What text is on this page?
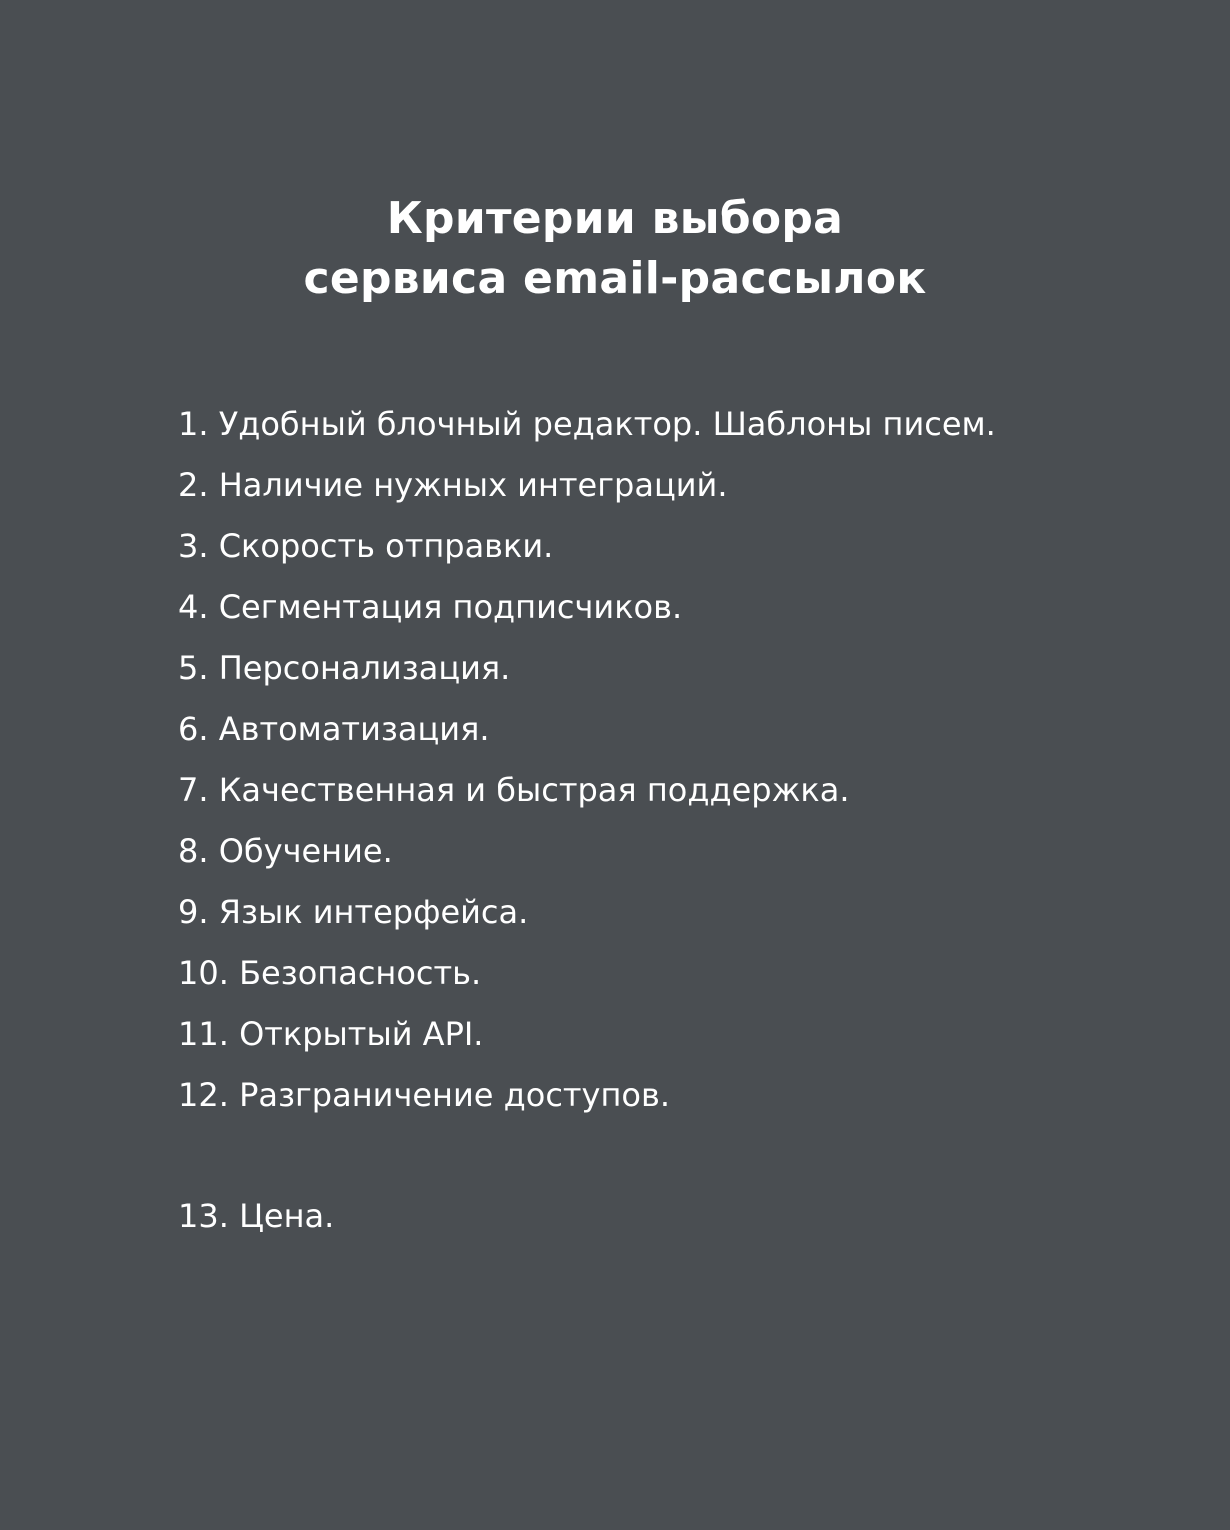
Критерии выбора
сервиса email-рассылок
1. Удобный блочный редактор. Шаблоны писем.
2. Наличие нужных интеграций.
3. Скорость отправки.
4. Сегментация подписчиков.
5. Персонализация.
6. Автоматизация.
7. Качественная и быстрая поддержка.
8. Обучение.
9. Язык интерфейса.
10. Безопасность.
11. Открытый API.
12. Разграничение доступов.
13. Цена.
